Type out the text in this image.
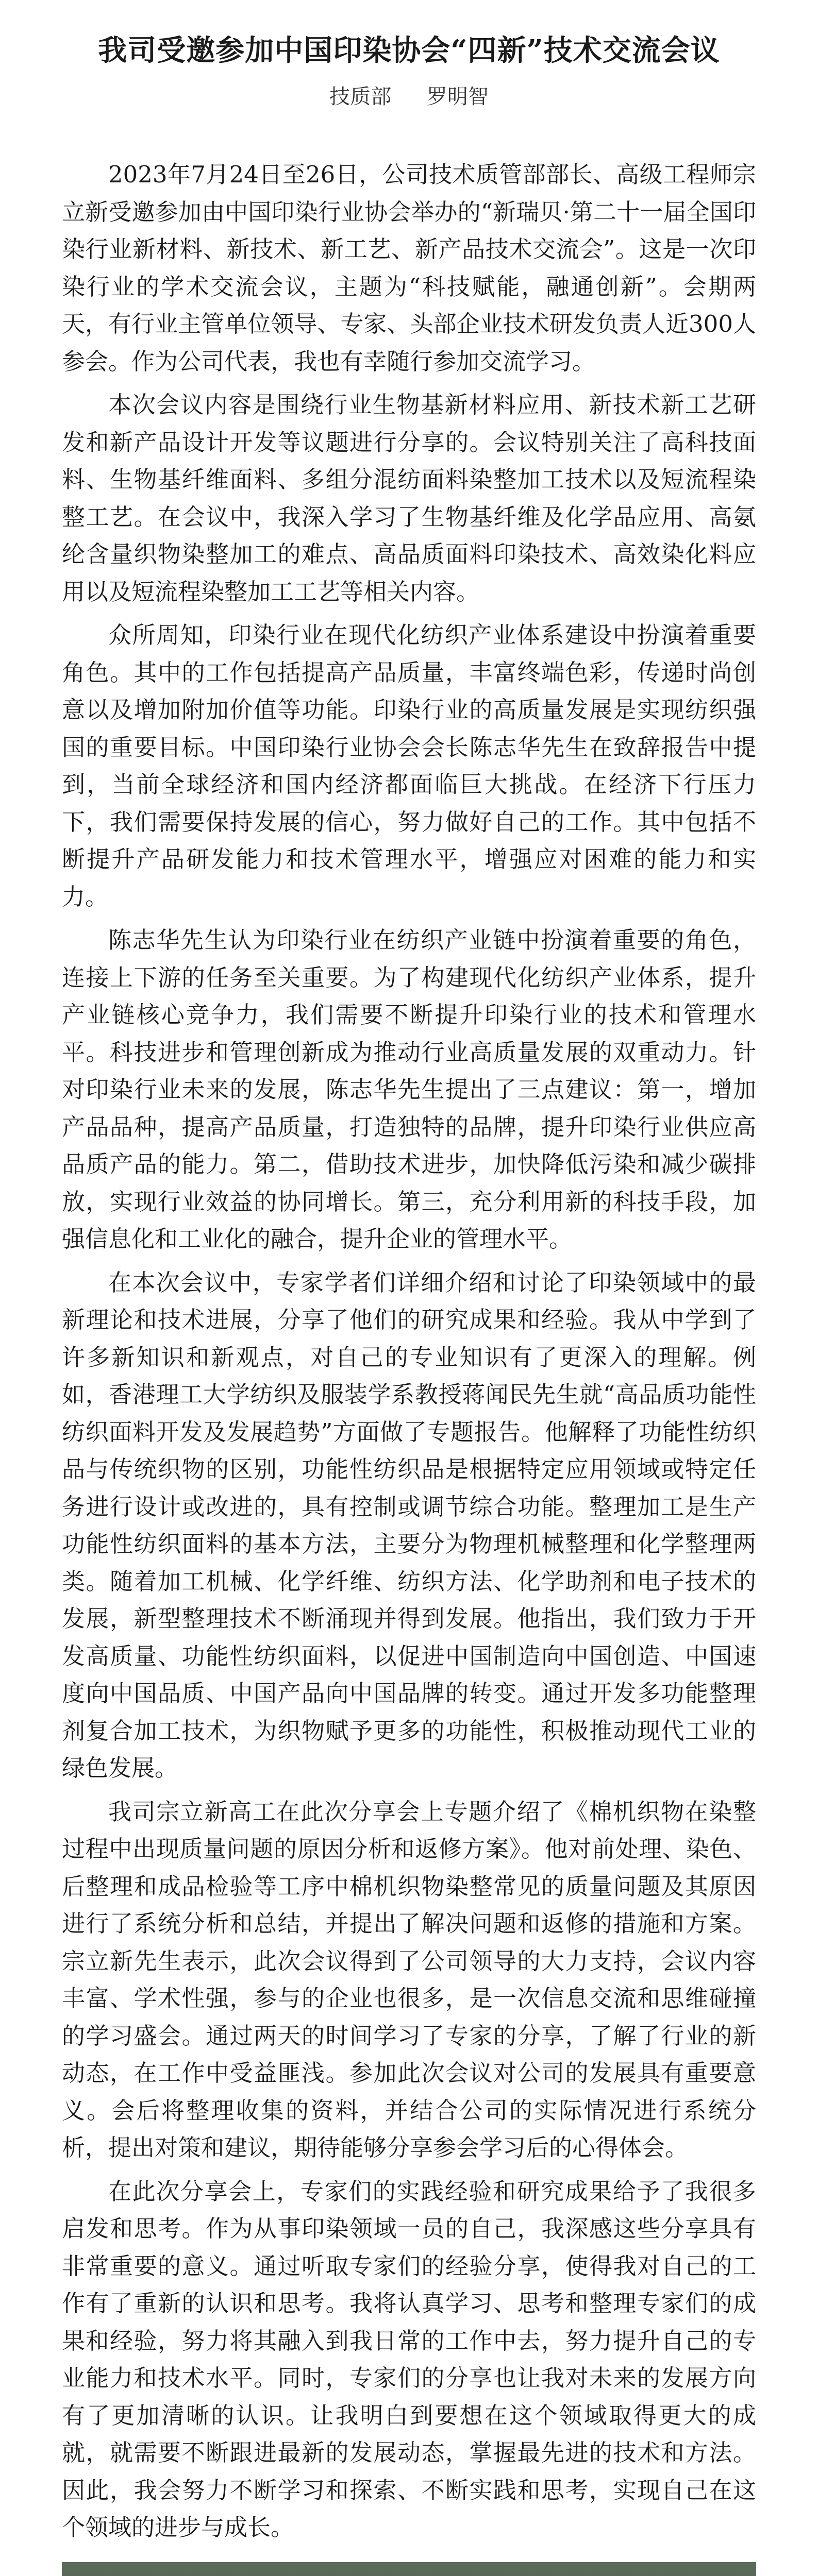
我司受邀参加中国印染协会“四新”技术交流会议
技质部 罗明智

2023年7月24日至26日，公司技术质管部部长、高级工程师宗立新受邀参加由中国印染行业协会举办的“新瑞贝·第二十一届全国印染行业新材料、新技术、新工艺、新产品技术交流会”。这是一次印染行业的学术交流会议，主题为“科技赋能，融通创新”。会期两天，有行业主管单位领导、专家、头部企业技术研发负责人近300人参会。作为公司代表，我也有幸随行参加交流学习。

本次会议内容是围绕行业生物基新材料应用、新技术新工艺研发和新产品设计开发等议题进行分享的。会议特别关注了高科技面料、生物基纤维面料、多组分混纺面料染整加工技术以及短流程染整工艺。在会议中，我深入学习了生物基纤维及化学品应用、高氨纶含量织物染整加工的难点、高品质面料印染技术、高效染化料应用以及短流程染整加工工艺等相关内容。

众所周知，印染行业在现代化纺织产业体系建设中扮演着重要角色。其中的工作包括提高产品质量，丰富终端色彩，传递时尚创意以及增加附加价值等功能。印染行业的高质量发展是实现纺织强国的重要目标。中国印染行业协会会长陈志华先生在致辞报告中提到，当前全球经济和国内经济都面临巨大挑战。在经济下行压力下，我们需要保持发展的信心，努力做好自己的工作。其中包括不断提升产品研发能力和技术管理水平，增强应对困难的能力和实力。

陈志华先生认为印染行业在纺织产业链中扮演着重要的角色，连接上下游的任务至关重要。为了构建现代化纺织产业体系，提升产业链核心竞争力，我们需要不断提升印染行业的技术和管理水平。科技进步和管理创新成为推动行业高质量发展的双重动力。针对印染行业未来的发展，陈志华先生提出了三点建议：第一，增加产品品种，提高产品质量，打造独特的品牌，提升印染行业供应高品质产品的能力。第二，借助技术进步，加快降低污染和减少碳排放，实现行业效益的协同增长。第三，充分利用新的科技手段，加强信息化和工业化的融合，提升企业的管理水平。

在本次会议中，专家学者们详细介绍和讨论了印染领域中的最新理论和技术进展，分享了他们的研究成果和经验。我从中学到了许多新知识和新观点，对自己的专业知识有了更深入的理解。例如，香港理工大学纺织及服装学系教授蒋闻民先生就“高品质功能性纺织面料开发及发展趋势”方面做了专题报告。他解释了功能性纺织品与传统织物的区别，功能性纺织品是根据特定应用领域或特定任务进行设计或改进的，具有控制或调节综合功能。整理加工是生产功能性纺织面料的基本方法，主要分为物理机械整理和化学整理两类。随着加工机械、化学纤维、纺织方法、化学助剂和电子技术的发展，新型整理技术不断涌现并得到发展。他指出，我们致力于开发高质量、功能性纺织面料，以促进中国制造向中国创造、中国速度向中国品质、中国产品向中国品牌的转变。通过开发多功能整理剂复合加工技术，为织物赋予更多的功能性，积极推动现代工业的绿色发展。

我司宗立新高工在此次分享会上专题介绍了《棉机织物在染整过程中出现质量问题的原因分析和返修方案》。他对前处理、染色、后整理和成品检验等工序中棉机织物染整常见的质量问题及其原因进行了系统分析和总结，并提出了解决问题和返修的措施和方案。宗立新先生表示，此次会议得到了公司领导的大力支持，会议内容丰富、学术性强，参与的企业也很多，是一次信息交流和思维碰撞的学习盛会。通过两天的时间学习了专家的分享，了解了行业的新动态，在工作中受益匪浅。参加此次会议对公司的发展具有重要意义。会后将整理收集的资料，并结合公司的实际情况进行系统分析，提出对策和建议，期待能够分享参会学习后的心得体会。

在此次分享会上，专家们的实践经验和研究成果给予了我很多启发和思考。作为从事印染领域一员的自己，我深感这些分享具有非常重要的意义。通过听取专家们的经验分享，使得我对自己的工作有了重新的认识和思考。我将认真学习、思考和整理专家们的成果和经验，努力将其融入到我日常的工作中去，努力提升自己的专业能力和技术水平。同时，专家们的分享也让我对未来的发展方向有了更加清晰的认识。让我明白到要想在这个领域取得更大的成就，就需要不断跟进最新的发展动态，掌握最先进的技术和方法。因此，我会努力不断学习和探索、不断实践和思考，实现自己在这个领域的进步与成长。
